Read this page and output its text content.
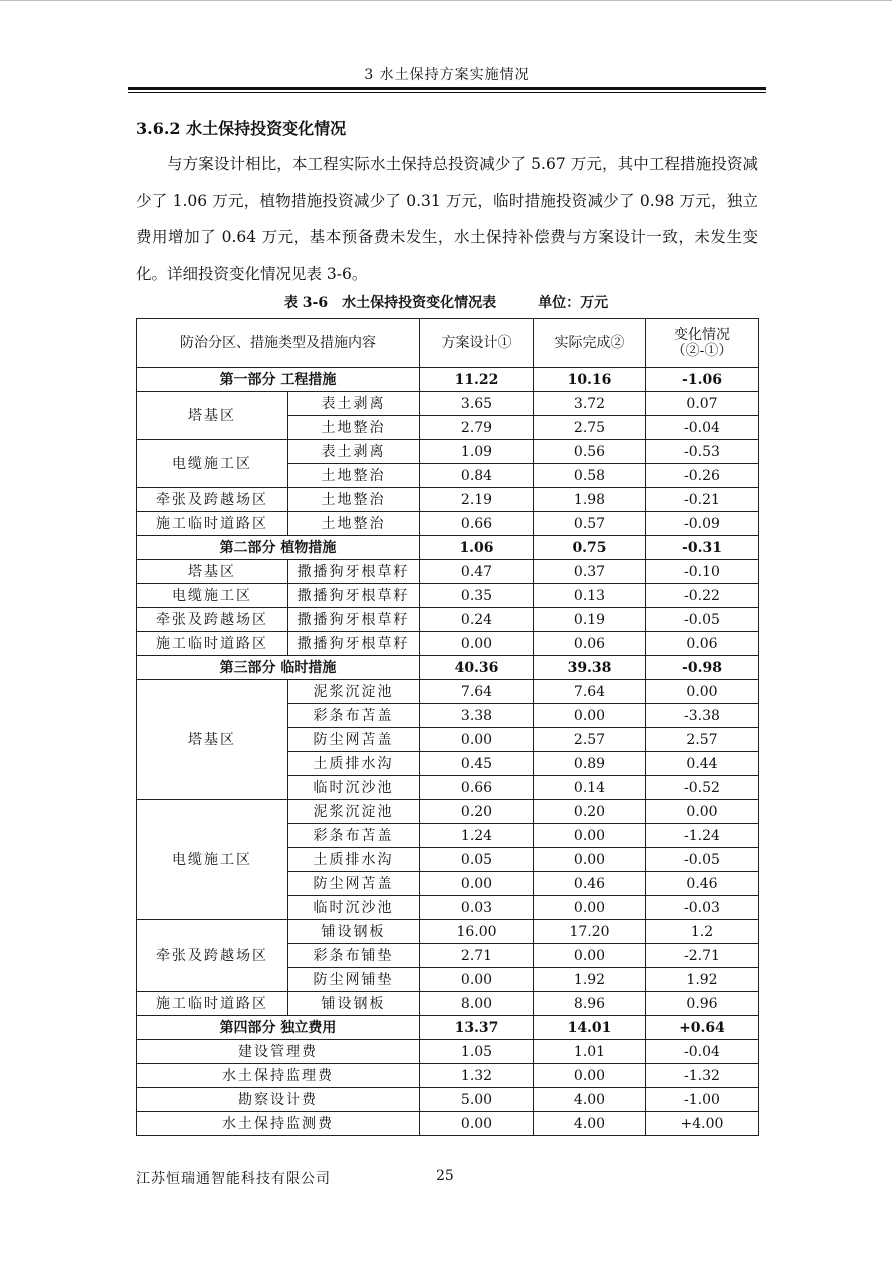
3 水土保持方案实施情况
3.6.2 水土保持投资变化情况

与方案设计相比，本工程实际水土保持总投资减少了 5.67 万元，其中工程措施投资减少了 1.06 万元，植物措施投资减少了 0.31 万元，临时措施投资减少了 0.98 万元，独立费用增加了 0.64 万元，基本预备费未发生，水土保持补偿费与方案设计一致，未发生变化。详细投资变化情况见表 3-6。

表 3-6　水土保持投资变化情况表	单位：万元
防治分区、措施类型及措施内容		方案设计①	实际完成②	变化情况
（②-①）
第一部分 工程措施		11.22	10.16	-1.06
塔基区	表土剥离	3.65	3.72	0.07
	土地整治	2.79	2.75	-0.04
电缆施工区	表土剥离	1.09	0.56	-0.53
	土地整治	0.84	0.58	-0.26
牵张及跨越场区	土地整治	2.19	1.98	-0.21
施工临时道路区	土地整治	0.66	0.57	-0.09
第二部分 植物措施		1.06	0.75	-0.31
塔基区	撒播狗牙根草籽	0.47	0.37	-0.10
电缆施工区	撒播狗牙根草籽	0.35	0.13	-0.22
牵张及跨越场区	撒播狗牙根草籽	0.24	0.19	-0.05
施工临时道路区	撒播狗牙根草籽	0.00	0.06	0.06
第三部分 临时措施		40.36	39.38	-0.98
塔基区	泥浆沉淀池	7.64	7.64	0.00
	彩条布苫盖	3.38	0.00	-3.38
	防尘网苫盖	0.00	2.57	2.57
	土质排水沟	0.45	0.89	0.44
	临时沉沙池	0.66	0.14	-0.52
电缆施工区	泥浆沉淀池	0.20	0.20	0.00
	彩条布苫盖	1.24	0.00	-1.24
	土质排水沟	0.05	0.00	-0.05
	防尘网苫盖	0.00	0.46	0.46
	临时沉沙池	0.03	0.00	-0.03
牵张及跨越场区	铺设钢板	16.00	17.20	1.2
	彩条布铺垫	2.71	0.00	-2.71
	防尘网铺垫	0.00	1.92	1.92
施工临时道路区	铺设钢板	8.00	8.96	0.96
第四部分 独立费用		13.37	14.01	+0.64
建设管理费		1.05	1.01	-0.04
水土保持监理费		1.32	0.00	-1.32
勘察设计费		5.00	4.00	-1.00
水土保持监测费		0.00	4.00	+4.00
江苏恒瑞通智能科技有限公司	25
